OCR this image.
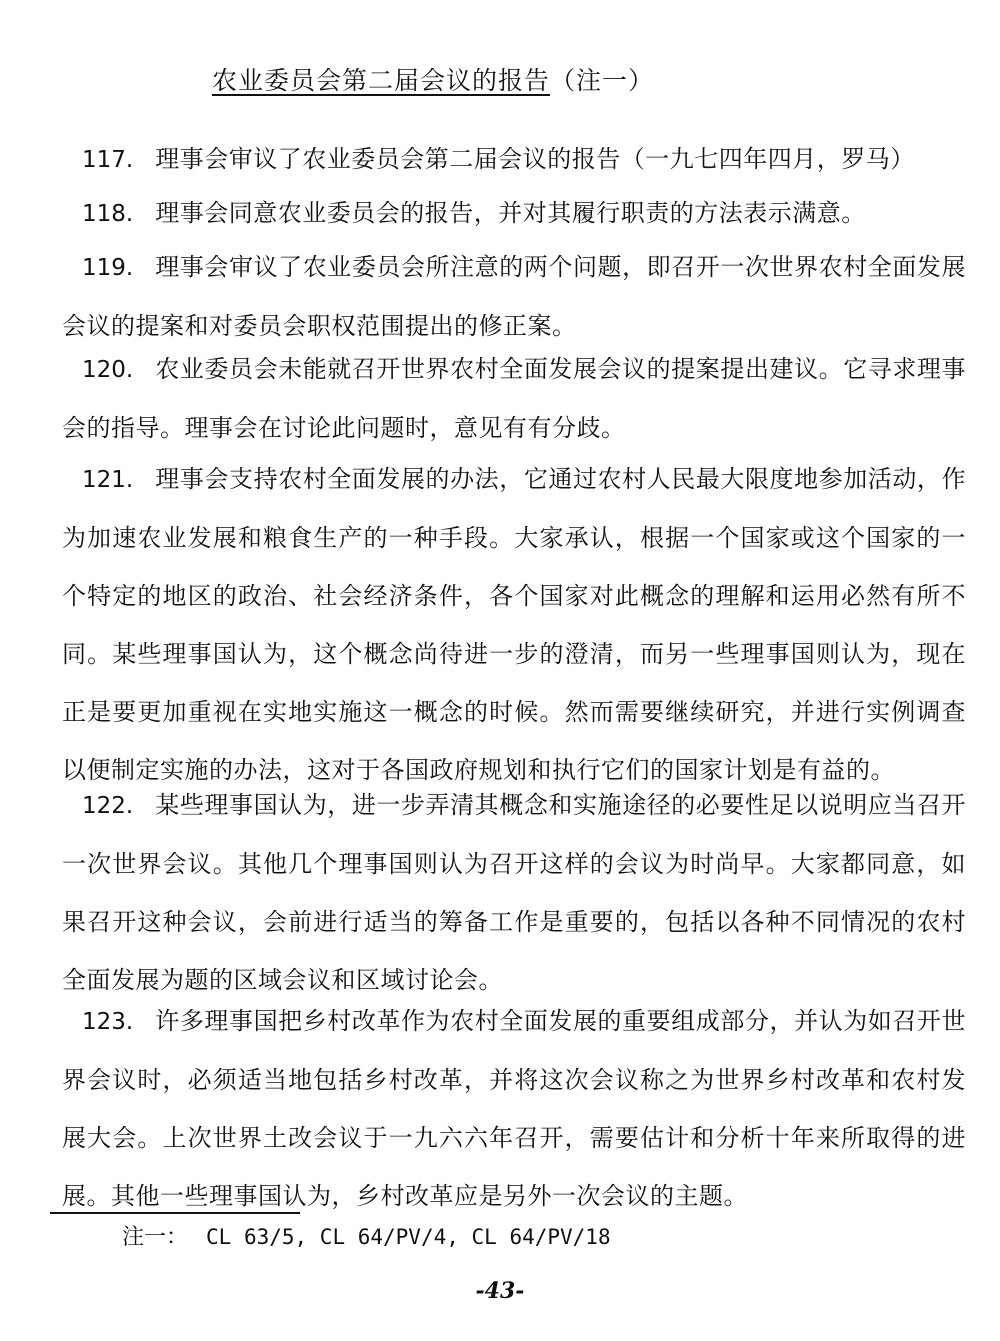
农业委员会第二届会议的报告（注一）

117. 理事会审议了农业委员会第二届会议的报告（一九七四年四月，罗马）

118. 理事会同意农业委员会的报告，并对其履行职责的方法表示满意。

119. 理事会审议了农业委员会所注意的两个问题，即召开一次世界农村全面发展会议的提案和对委员会职权范围提出的修正案。

120. 农业委员会未能就召开世界农村全面发展会议的提案提出建议。它寻求理事会的指导。理事会在讨论此问题时，意见有有分歧。

121. 理事会支持农村全面发展的办法，它通过农村人民最大限度地参加活动，作为加速农业发展和粮食生产的一种手段。大家承认，根据一个国家或这个国家的一个特定的地区的政治、社会经济条件，各个国家对此概念的理解和运用必然有所不同。某些理事国认为，这个概念尚待进一步的澄清，而另一些理事国则认为，现在正是要更加重视在实地实施这一概念的时候。然而需要继续研究，并进行实例调查以便制定实施的办法，这对于各国政府规划和执行它们的国家计划是有益的。

122. 某些理事国认为，进一步弄清其概念和实施途径的必要性足以说明应当召开一次世界会议。其他几个理事国则认为召开这样的会议为时尚早。大家都同意，如果召开这种会议，会前进行适当的筹备工作是重要的，包括以各种不同情况的农村全面发展为题的区域会议和区域讨论会。

123. 许多理事国把乡村改革作为农村全面发展的重要组成部分，并认为如召开世界会议时，必须适当地包括乡村改革，并将这次会议称之为世界乡村改革和农村发展大会。上次世界土改会议于一九六六年召开，需要估计和分析十年来所取得的进展。其他一些理事国认为，乡村改革应是另外一次会议的主题。

注一： CL 63/5, CL 64/PV/4, CL 64/PV/18
-43-
